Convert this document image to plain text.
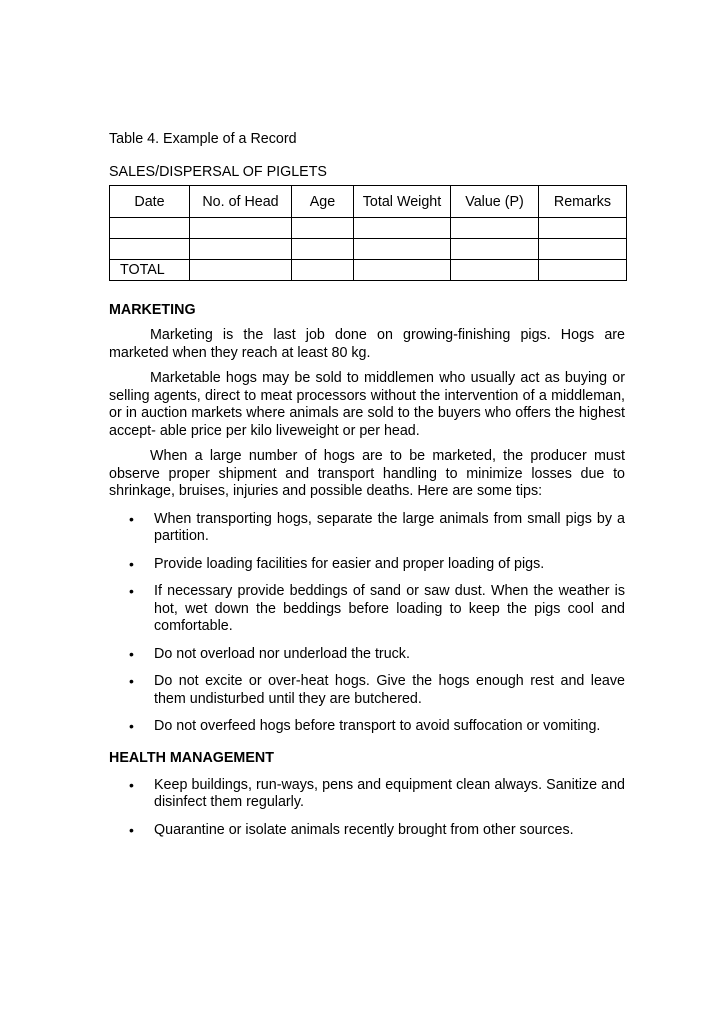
Table 4. Example of a Record

SALES/DISPERSAL OF PIGLETS

Date	No. of Head	Age	Total Weight	Value (P)	Remarks

TOTAL					
MARKETING

Marketing is the last job done on growing-finishing pigs. Hogs are marketed when they reach at least 80 kg.

Marketable hogs may be sold to middlemen who usually act as buying or selling agents, direct to meat processors without the intervention of a middleman, or in auction markets where animals are sold to the buyers who offers the highest accept- able price per kilo liveweight or per head.

When a large number of hogs are to be marketed, the producer must observe proper shipment and transport handling to minimize losses due to shrinkage, bruises, injuries and possible deaths. Here are some tips:

• When transporting hogs, separate the large animals from small pigs by a partition.
• Provide loading facilities for easier and proper loading of pigs.
• If necessary provide beddings of sand or saw dust. When the weather is hot, wet down the beddings before loading to keep the pigs cool and comfortable.
• Do not overload nor underload the truck.
• Do not excite or over-heat hogs. Give the hogs enough rest and leave them undisturbed until they are butchered.
• Do not overfeed hogs before transport to avoid suffocation or vomiting.
HEALTH MANAGEMENT
• Keep buildings, run-ways, pens and equipment clean always. Sanitize and disinfect them regularly.
• Quarantine or isolate animals recently brought from other sources.
